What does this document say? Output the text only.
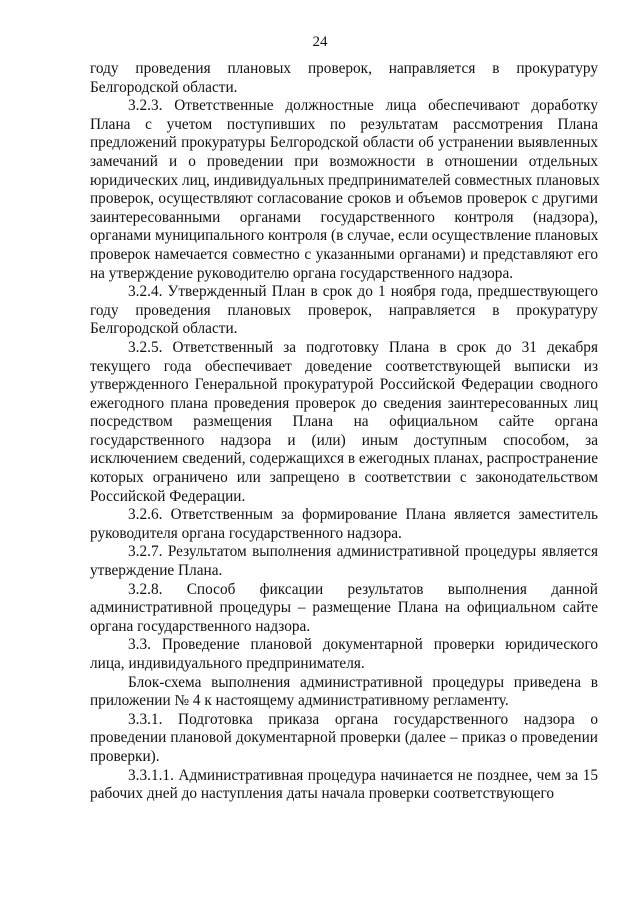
24
году проведения плановых проверок, направляется в прокуратуру
Белгородской области.
3.2.3. Ответственные должностные лица обеспечивают доработку
Плана с учетом поступивших по результатам рассмотрения Плана
предложений прокуратуры Белгородской области об устранении выявленных
замечаний и о проведении при возможности в отношении отдельных
юридических лиц, индивидуальных предпринимателей совместных плановых
проверок, осуществляют согласование сроков и объемов проверок с другими
заинтересованными органами государственного контроля (надзора),
органами муниципального контроля (в случае, если осуществление плановых
проверок намечается совместно с указанными органами) и представляют его
на утверждение руководителю органа государственного надзора.
3.2.4. Утвержденный План в срок до 1 ноября года, предшествующего
году проведения плановых проверок, направляется в прокуратуру
Белгородской области.
3.2.5. Ответственный за подготовку Плана в срок до 31 декабря
текущего года обеспечивает доведение соответствующей выписки из
утвержденного Генеральной прокуратурой Российской Федерации сводного
ежегодного плана проведения проверок до сведения заинтересованных лиц
посредством размещения Плана на официальном сайте органа
государственного надзора и (или) иным доступным способом, за
исключением сведений, содержащихся в ежегодных планах, распространение
которых ограничено или запрещено в соответствии с законодательством
Российской Федерации.
3.2.6. Ответственным за формирование Плана является заместитель
руководителя органа государственного надзора.
3.2.7. Результатом выполнения административной процедуры является
утверждение Плана.
3.2.8. Способ фиксации результатов выполнения данной
административной процедуры – размещение Плана на официальном сайте
органа государственного надзора.
3.3. Проведение плановой документарной проверки юридического
лица, индивидуального предпринимателя.
Блок-схема выполнения административной процедуры приведена в
приложении № 4 к настоящему административному регламенту.
3.3.1. Подготовка приказа органа государственного надзора о
проведении плановой документарной проверки (далее – приказ о проведении
проверки).
3.3.1.1. Административная процедура начинается не позднее, чем за 15
рабочих дней до наступления даты начала проверки соответствующего
